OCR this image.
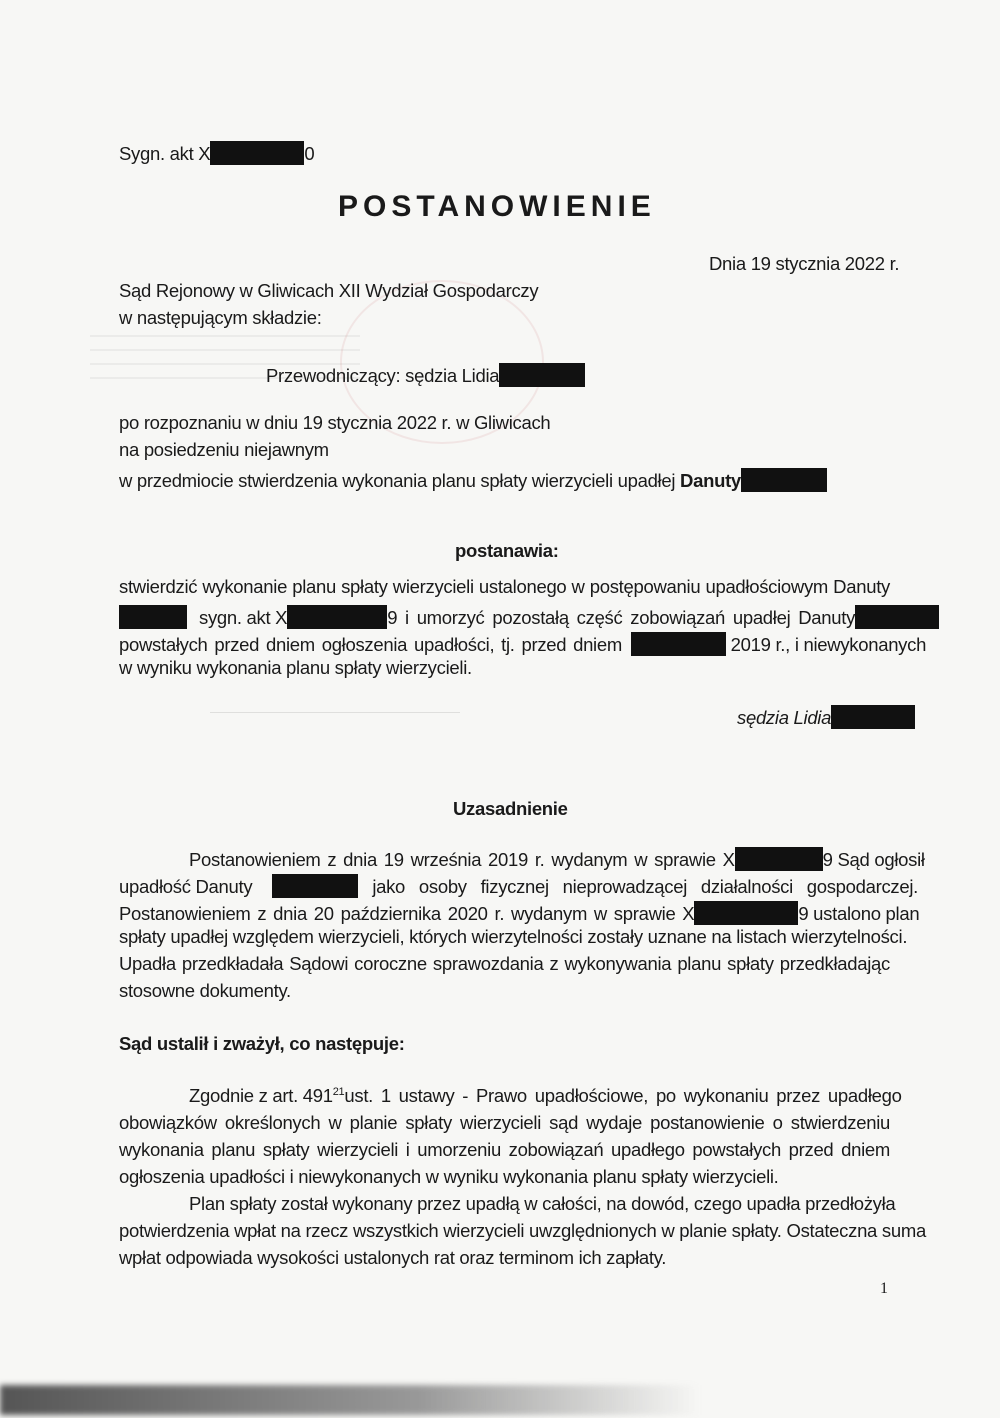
Sygn. akt X	0
POSTANOWIENIE
Dnia 19 stycznia 2022 r.
Sąd Rejonowy w Gliwicach XII Wydział Gospodarczy
w następującym składzie:
Przewodniczący: sędzia Lidia
po rozpoznaniu w dniu 19 stycznia 2022 r. w Gliwicach
na posiedzeniu niejawnym
w przedmiocie stwierdzenia wykonania planu spłaty wierzycieli upadłej Danuty
postanawia:
stwierdzić wykonanie planu spłaty wierzycieli ustalonego w postępowaniu upadłościowym Danuty
sygn. akt X	9 i umorzyć pozostałą część zobowiązań upadłej Danuty
powstałych przed dniem ogłoszenia upadłości, tj. przed dniem	2019 r., i niewykonanych
w wyniku wykonania planu spłaty wierzycieli.
sędzia Lidia
Uzasadnienie
Postanowieniem z dnia 19 września 2019 r. wydanym w sprawie X	9 Sąd ogłosił
upadłość Danuty	jako osoby fizycznej nieprowadzącej działalności gospodarczej.
Postanowieniem z dnia 20 października 2020 r. wydanym w sprawie X	9 ustalono plan
spłaty upadłej względem wierzycieli, których wierzytelności zostały uznane na listach wierzytelności.
Upadła przedkładała Sądowi coroczne sprawozdania z wykonywania planu spłaty przedkładając
stosowne dokumenty.
Sąd ustalił i zważył, co następuje:
Zgodnie z art. $491^{21}$ ust. 1 ustawy - Prawo upadłościowe, po wykonaniu przez upadłego
obowiązków określonych w planie spłaty wierzycieli sąd wydaje postanowienie o stwierdzeniu
wykonania planu spłaty wierzycieli i umorzeniu zobowiązań upadłego powstałych przed dniem
ogłoszenia upadłości i niewykonanych w wyniku wykonania planu spłaty wierzycieli.
Plan spłaty został wykonany przez upadłą w całości, na dowód, czego upadła przedłożyła
potwierdzenia wpłat na rzecz wszystkich wierzycieli uwzględnionych w planie spłaty. Ostateczna suma
wpłat odpowiada wysokości ustalonych rat oraz terminom ich zapłaty.
1
